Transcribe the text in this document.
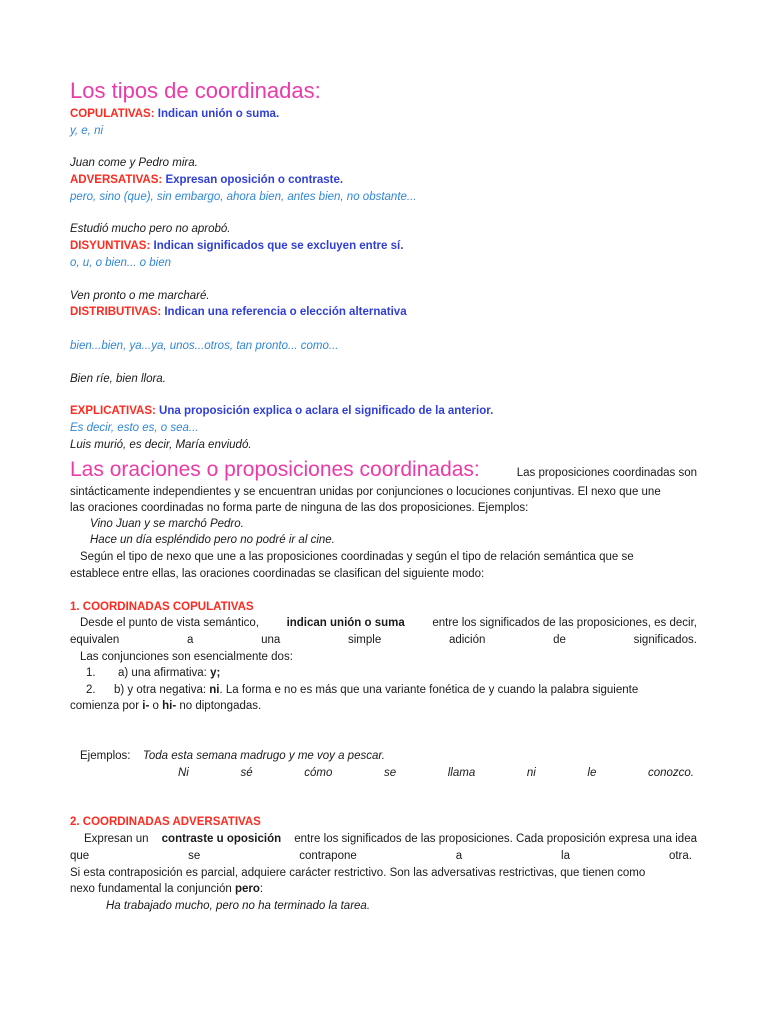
Los tipos de coordinadas:
COPULATIVAS: Indican unión o suma.
y, e, ni
Juan come y Pedro mira.
ADVERSATIVAS: Expresan oposición o contraste.
pero, sino (que), sin embargo, ahora bien, antes bien, no obstante...
Estudió mucho pero no aprobó.
DISYUNTIVAS: Indican significados que se excluyen entre sí.
o, u, o bien... o bien
Ven pronto o me marcharé.
DISTRIBUTIVAS: Indican una referencia o elección alternativa
bien...bien, ya...ya, unos...otros, tan pronto... como...
Bien ríe, bien llora.
EXPLICATIVAS: Una proposición explica o aclara el significado de la anterior.
Es decir, esto es, o sea...
Luis murió, es decir, María enviudó.
Las oraciones o proposiciones coordinadas:	Las proposiciones coordinadas son
sintácticamente independientes y se encuentran unidas por conjunciones o locuciones conjuntivas. El nexo que une
las oraciones coordinadas no forma parte de ninguna de las dos proposiciones. Ejemplos:
Vino Juan y se marchó Pedro.
Hace un día espléndido pero no podré ir al cine.
Según el tipo de nexo que une a las proposiciones coordinadas y según el tipo de relación semántica que se
establece entre ellas, las oraciones coordinadas se clasifican del siguiente modo:
1. COORDINADAS COPULATIVAS
Desde el punto de vista semántico, indican unión o suma entre los significados de las proposiciones, es decir,
equivalen	a	una	simple	adición	de	significados.
Las conjunciones son esencialmente dos:
1. a) una afirmativa: y;
2. b) y otra negativa: ni. La forma e no es más que una variante fonética de y cuando la palabra siguiente
comienza por i- o hi- no diptongadas.
Ejemplos: Toda esta semana madrugo y me voy a pescar.
Ni	sé	cómo	se	llama	ni	le	conozco.
2. COORDINADAS ADVERSATIVAS
Expresan un contraste u oposición entre los significados de las proposiciones. Cada proposición expresa una idea
que	se	contrapone	a	la	otra.
Si esta contraposición es parcial, adquiere carácter restrictivo. Son las adversativas restrictivas, que tienen como
nexo fundamental la conjunción pero:
Ha trabajado mucho, pero no ha terminado la tarea.
